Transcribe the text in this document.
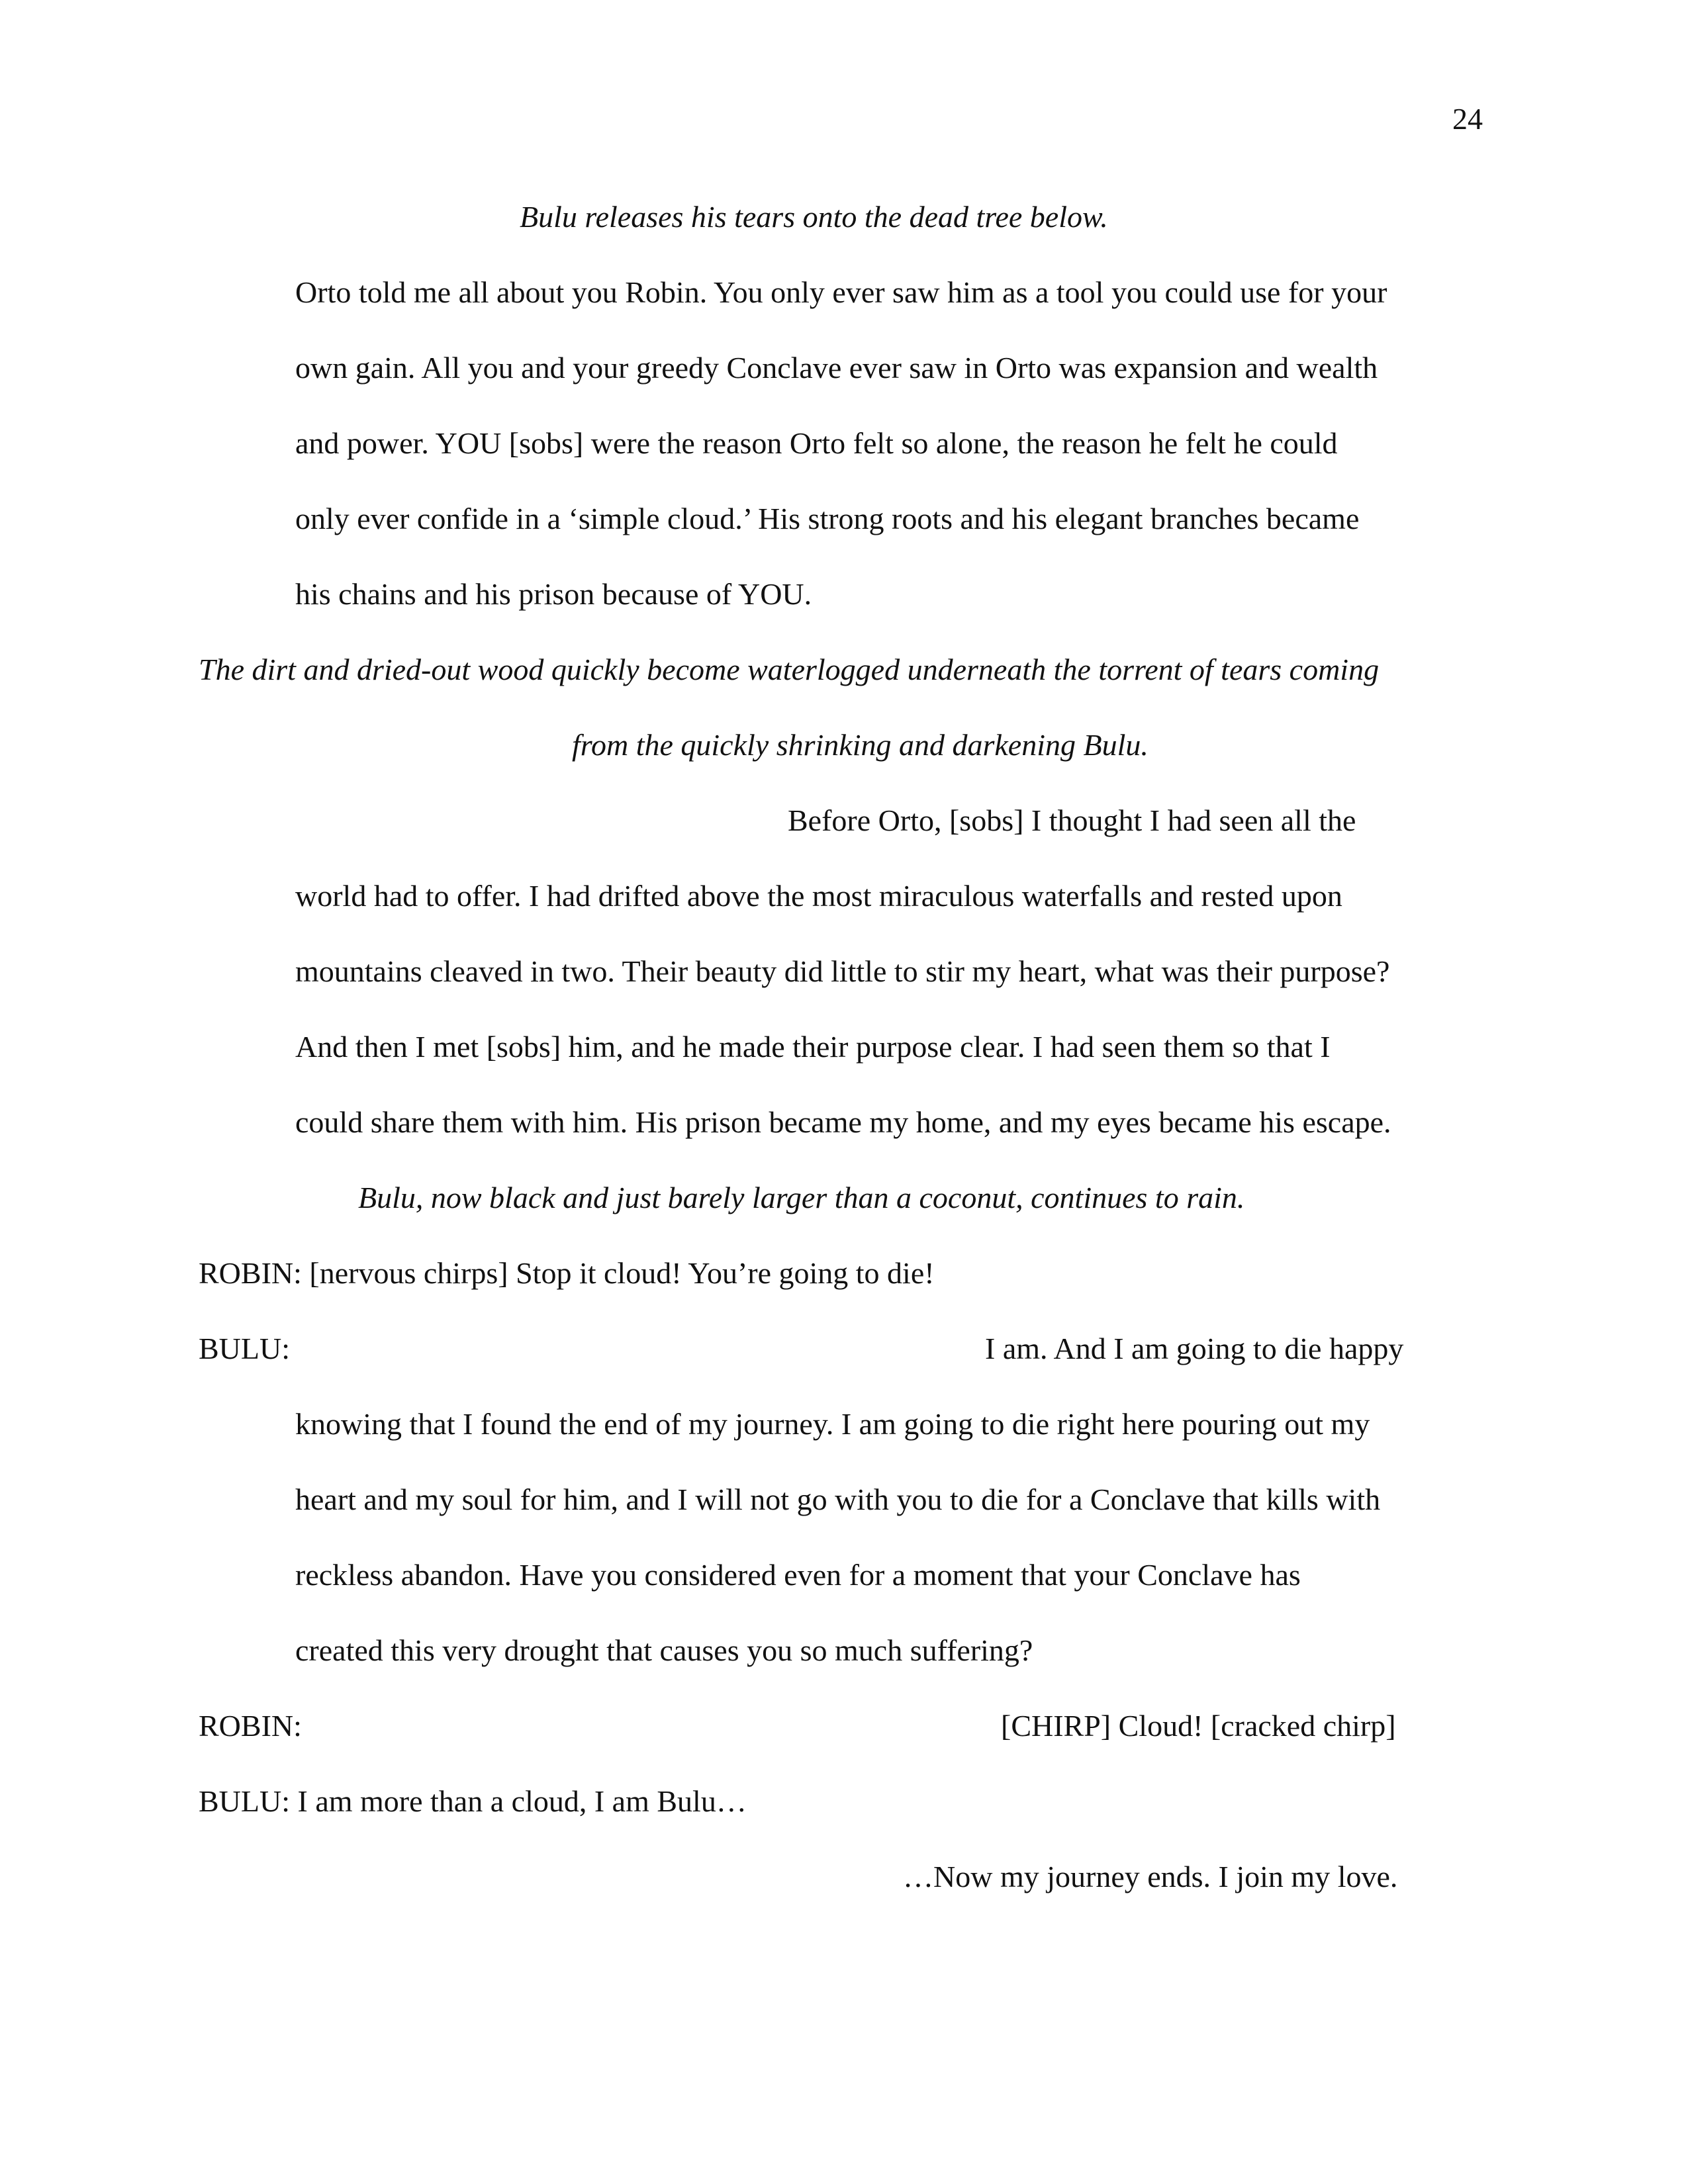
24

Bulu releases his tears onto the dead tree below.

Orto told me all about you Robin. You only ever saw him as a tool you could use for your

own gain. All you and your greedy Conclave ever saw in Orto was expansion and wealth

and power. YOU [sobs] were the reason Orto felt so alone, the reason he felt he could

only ever confide in a ‘simple cloud.’ His strong roots and his elegant branches became

his chains and his prison because of YOU.

The dirt and dried-out wood quickly become waterlogged underneath the torrent of tears coming

from the quickly shrinking and darkening Bulu.

Before Orto, [sobs] I thought I had seen all the

world had to offer. I had drifted above the most miraculous waterfalls and rested upon

mountains cleaved in two. Their beauty did little to stir my heart, what was their purpose?

And then I met [sobs] him, and he made their purpose clear. I had seen them so that I

could share them with him. His prison became my home, and my eyes became his escape.

Bulu, now black and just barely larger than a coconut, continues to rain.

ROBIN: [nervous chirps] Stop it cloud! You’re going to die!

BULU:	I am. And I am going to die happy

knowing that I found the end of my journey. I am going to die right here pouring out my

heart and my soul for him, and I will not go with you to die for a Conclave that kills with

reckless abandon. Have you considered even for a moment that your Conclave has

created this very drought that causes you so much suffering?

ROBIN:	[CHIRP] Cloud! [cracked chirp]

BULU: I am more than a cloud, I am Bulu…

…Now my journey ends. I join my love.
